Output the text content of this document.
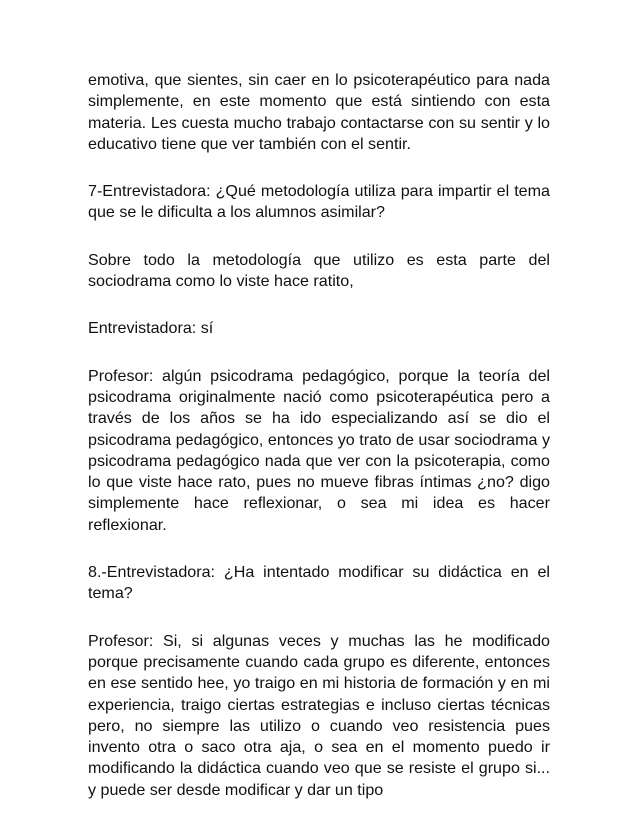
emotiva, que sientes, sin caer en lo psicoterapéutico para nada simplemente, en este momento que está sintiendo con esta materia. Les cuesta mucho trabajo contactarse con su sentir y lo educativo tiene que ver también con el sentir.

7-Entrevistadora: ¿Qué metodología utiliza para impartir el tema que se le dificulta a los alumnos asimilar?

Sobre todo la metodología que utilizo es esta parte del sociodrama como lo viste hace ratito,

Entrevistadora: sí

Profesor: algún psicodrama pedagógico, porque la teoría del psicodrama originalmente nació como psicoterapéutica pero a través de los años se ha ido especializando así se dio el psicodrama pedagógico, entonces yo trato de usar sociodrama y psicodrama pedagógico nada que ver con la psicoterapia, como lo que viste hace rato, pues no mueve fibras íntimas ¿no? digo simplemente hace reflexionar, o sea mi idea es hacer reflexionar.

8.-Entrevistadora: ¿Ha intentado modificar su didáctica en el tema?

Profesor: Si, si algunas veces y muchas las he modificado porque precisamente cuando cada grupo es diferente, entonces en ese sentido hee, yo traigo en mi historia de formación y en mi experiencia, traigo ciertas estrategias e incluso ciertas técnicas pero, no siempre las utilizo o cuando veo resistencia pues invento otra o saco otra aja, o sea en el momento puedo ir modificando la didáctica cuando veo que se resiste el grupo si... y puede ser desde modificar y dar un tipo
